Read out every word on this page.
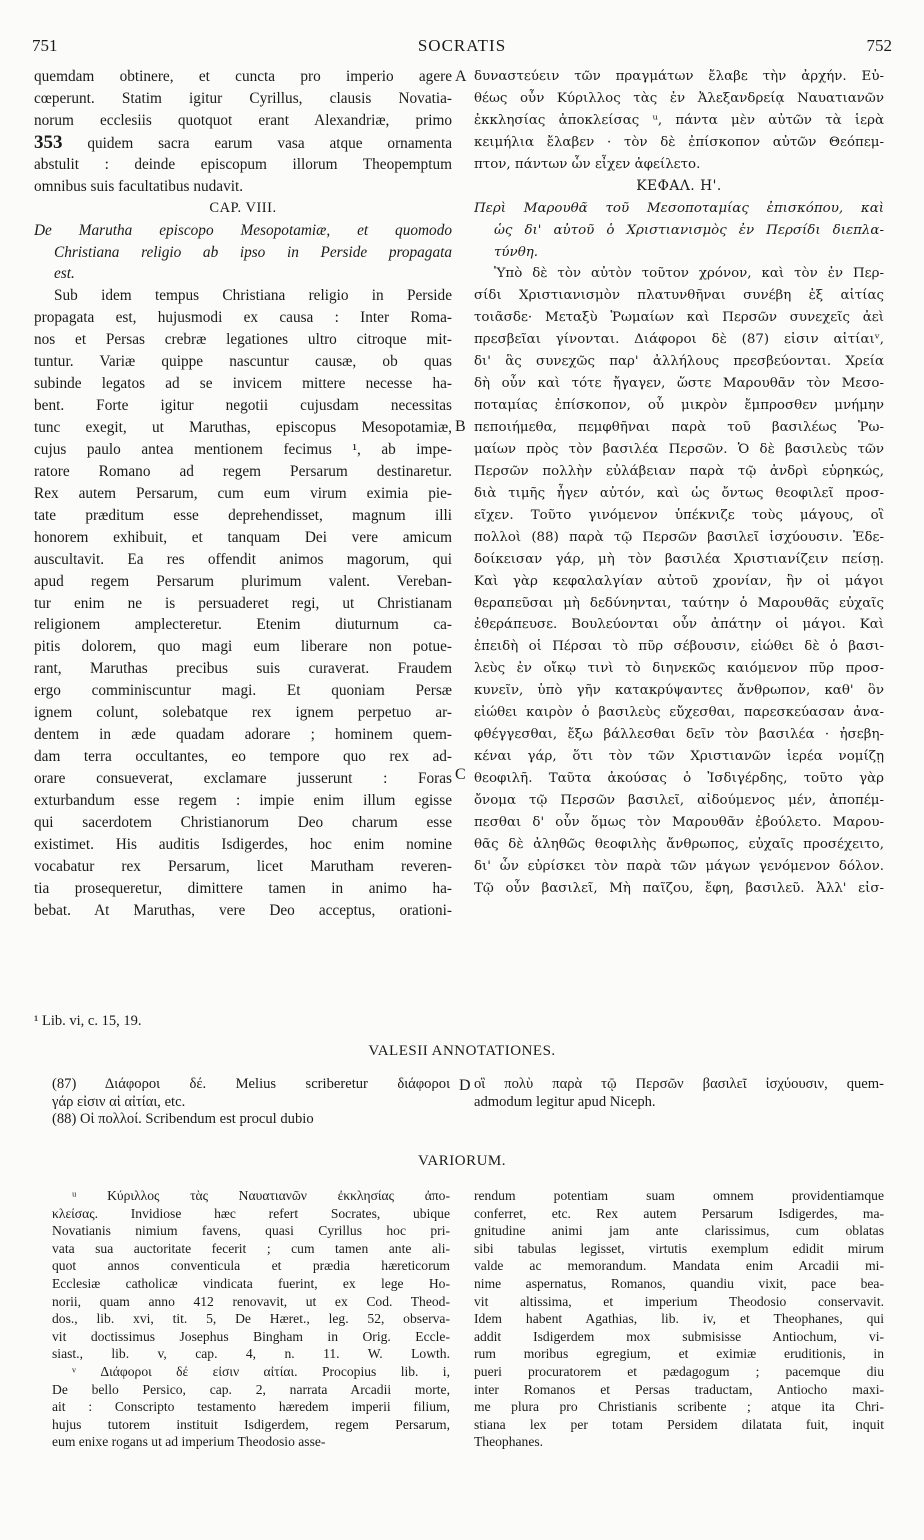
751	SOCRATIS	752
A
B
C
D
quemdam obtinere, et cuncta pro imperio agere
cœperunt. Statim igitur Cyrillus, clausis Novatia-
norum ecclesiis quotquot erant Alexandriæ, primo
353 quidem sacra earum vasa atque ornamenta
abstulit : deinde episcopum illorum Theopemptum
omnibus suis facultatibus nudavit.
CAP. VIII.
De Marutha episcopo Mesopotamiæ, et quomodo
Christiana religio ab ipso in Perside propagata
est.
Sub idem tempus Christiana religio in Perside
propagata est, hujusmodi ex causa : Inter Roma-
nos et Persas crebræ legationes ultro citroque mit-
tuntur. Variæ quippe nascuntur causæ, ob quas
subinde legatos ad se invicem mittere necesse ha-
bent. Forte igitur negotii cujusdam necessitas
tunc exegit, ut Maruthas, episcopus Mesopotamiæ,
cujus paulo antea mentionem fecimus ¹, ab impe-
ratore Romano ad regem Persarum destinaretur.
Rex autem Persarum, cum eum virum eximia pie-
tate præditum esse deprehendisset, magnum illi
honorem exhibuit, et tanquam Dei vere amicum
auscultavit. Ea res offendit animos magorum, qui
apud regem Persarum plurimum valent. Vereban-
tur enim ne is persuaderet regi, ut Christianam
religionem amplecteretur. Etenim diuturnum ca-
pitis dolorem, quo magi eum liberare non potue-
rant, Maruthas precibus suis curaverat. Fraudem
ergo comminiscuntur magi. Et quoniam Persæ
ignem colunt, solebatque rex ignem perpetuo ar-
dentem in æde quadam adorare ; hominem quem-
dam terra occultantes, eo tempore quo rex ad-
orare consueverat, exclamare jusserunt : Foras
exturbandum esse regem : impie enim illum egisse
qui sacerdotem Christianorum Deo charum esse
existimet. His auditis Isdigerdes, hoc enim nomine
vocabatur rex Persarum, licet Marutham reveren-
tia prosequeretur, dimittere tamen in animo ha-
bebat. At Maruthas, vere Deo acceptus, orationi-
δυναστεύειν τῶν πραγμάτων ἔλαβε τὴν ἀρχήν. Εὐ-
θέως οὖν Κύριλλος τὰς ἐν Ἀλεξανδρείᾳ Ναυατιανῶν
ἐκκλησίας ἀποκλείσας ᵘ, πάντα μὲν αὐτῶν τὰ ἱερὰ
κειμήλια ἔλαβεν · τὸν δὲ ἐπίσκοπον αὐτῶν Θεόπεμ-
πτον, πάντων ὧν εἶχεν ἀφείλετο.
ΚΕΦΑΛ. Η'.
Περὶ Μαρουθᾶ τοῦ Μεσοποταμίας ἐπισκόπου, καὶ
ὡς δι' αὐτοῦ ὁ Χριστιανισμὸς ἐν Περσίδι διεπλα-
τύνθη.
Ὑπὸ δὲ τὸν αὐτὸν τοῦτον χρόνον, καὶ τὸν ἐν Περ-
σίδι Χριστιανισμὸν πλατυνθῆναι συνέβη ἐξ αἰτίας
τοιᾶσδε· Μεταξὺ Ῥωμαίων καὶ Περσῶν συνεχεῖς ἀεὶ
πρεσβεῖαι γίνονται. Διάφοροι δὲ (87) εἰσιν αἰτίαιᵛ,
δι' ἃς συνεχῶς παρ' ἀλλήλους πρεσβεύονται. Χρεία
δὴ οὖν καὶ τότε ἤγαγεν, ὥστε Μαρουθᾶν τὸν Μεσο-
ποταμίας ἐπίσκοπον, οὗ μικρὸν ἔμπροσθεν μνήμην
πεποιήμεθα, πεμφθῆναι παρὰ τοῦ βασιλέως Ῥω-
μαίων πρὸς τὸν βασιλέα Περσῶν. Ὁ δὲ βασιλεὺς τῶν
Περσῶν πολλὴν εὐλάβειαν παρὰ τῷ ἀνδρὶ εὑρηκώς,
διὰ τιμῆς ἦγεν αὐτόν, καὶ ὡς ὄντως θεοφιλεῖ προσ-
εῖχεν. Τοῦτο γινόμενον ὑπέκνιζε τοὺς μάγους, οἳ
πολλοὶ (88) παρὰ τῷ Περσῶν βασιλεῖ ἰσχύουσιν. Ἐδε-
δοίκεισαν γάρ, μὴ τὸν βασιλέα Χριστιανίζειν πείσῃ.
Καὶ γὰρ κεφαλαλγίαν αὐτοῦ χρονίαν, ἣν οἱ μάγοι
θεραπεῦσαι μὴ δεδύνηνται, ταύτην ὁ Μαρουθᾶς εὐχαῖς
ἐθεράπευσε. Βουλεύονται οὖν ἀπάτην οἱ μάγοι. Καὶ
ἐπειδὴ οἱ Πέρσαι τὸ πῦρ σέβουσιν, εἰώθει δὲ ὁ βασι-
λεὺς ἐν οἴκῳ τινὶ τὸ διηνεκῶς καιόμενον πῦρ προσ-
κυνεῖν, ὑπὸ γῆν κατακρύψαντες ἄνθρωπον, καθ' ὃν
εἰώθει καιρὸν ὁ βασιλεὺς εὔχεσθαι, παρεσκεύασαν ἀνα-
φθέγγεσθαι, ἔξω βάλλεσθαι δεῖν τὸν βασιλέα · ἠσεβη-
κέναι γάρ, ὅτι τὸν τῶν Χριστιανῶν ἱερέα νομίζῃ
θεοφιλῆ. Ταῦτα ἀκούσας ὁ Ἰσδιγέρδης, τοῦτο γὰρ
ὄνομα τῷ Περσῶν βασιλεῖ, αἰδούμενος μέν, ἀποπέμ-
πεσθαι δ' οὖν ὅμως τὸν Μαρουθᾶν ἐβούλετο. Μαρου-
θᾶς δὲ ἀληθῶς θεοφιλὴς ἄνθρωπος, εὐχαῖς προσέχειτο,
δι' ὧν εὑρίσκει τὸν παρὰ τῶν μάγων γενόμενον δόλον.
Τῷ οὖν βασιλεῖ, Μὴ παῖζου, ἔφη, βασιλεῦ. Ἀλλ' εἰσ-
¹ Lib. vi, c. 15, 19.
VALESII ANNOTATIONES.
(87) Διάφοροι δέ. Melius scriberetur διάφοροι
γάρ εἰσιν αἱ αἰτίαι, etc.
(88) Οἱ πολλοί. Scribendum est procul dubio
οἳ πολὺ παρὰ τῷ Περσῶν βασιλεῖ ἰσχύουσιν, quem-
admodum legitur apud Niceph.
VARIORUM.
ᵘ Κύριλλος τὰς Ναυατιανῶν ἐκκλησίας ἀπο-
κλείσας. Invidiose hæc refert Socrates, ubique
Novatianis nimium favens, quasi Cyrillus hoc pri-
vata sua auctoritate fecerit ; cum tamen ante ali-
quot annos conventicula et prædia hæreticorum
Ecclesiæ catholicæ vindicata fuerint, ex lege Ho-
norii, quam anno 412 renovavit, ut ex Cod. Theod-
dos., lib. xvi, tit. 5, De Hæret., leg. 52, observa-
vit doctissimus Josephus Bingham in Orig. Eccle-
siast., lib. v, cap. 4, n. 11. W. Lowth.
ᵛ Διάφοροι δέ εἰσιν αἰτίαι. Procopius lib. i,
De bello Persico, cap. 2, narrata Arcadii morte,
ait : Conscripto testamento hæredem imperii filium,
hujus tutorem instituit Isdigerdem, regem Persarum,
eum enixe rogans ut ad imperium Theodosio asse-
rendum potentiam suam omnem providentiamque
conferret, etc. Rex autem Persarum Isdigerdes, ma-
gnitudine animi jam ante clarissimus, cum oblatas
sibi tabulas legisset, virtutis exemplum edidit mirum
valde ac memorandum. Mandata enim Arcadii mi-
nime aspernatus, Romanos, quandiu vixit, pace bea-
vit altissima, et imperium Theodosio conservavit.
Idem habent Agathias, lib. iv, et Theophanes, qui
addit Isdigerdem mox submisisse Antiochum, vi-
rum moribus egregium, et eximiæ eruditionis, in
pueri procuratorem et pædagogum ; pacemque diu
inter Romanos et Persas traductam, Antiocho maxi-
me plura pro Christianis scribente ; atque ita Chri-
stiana lex per totam Persidem dilatata fuit, inquit
Theophanes.
